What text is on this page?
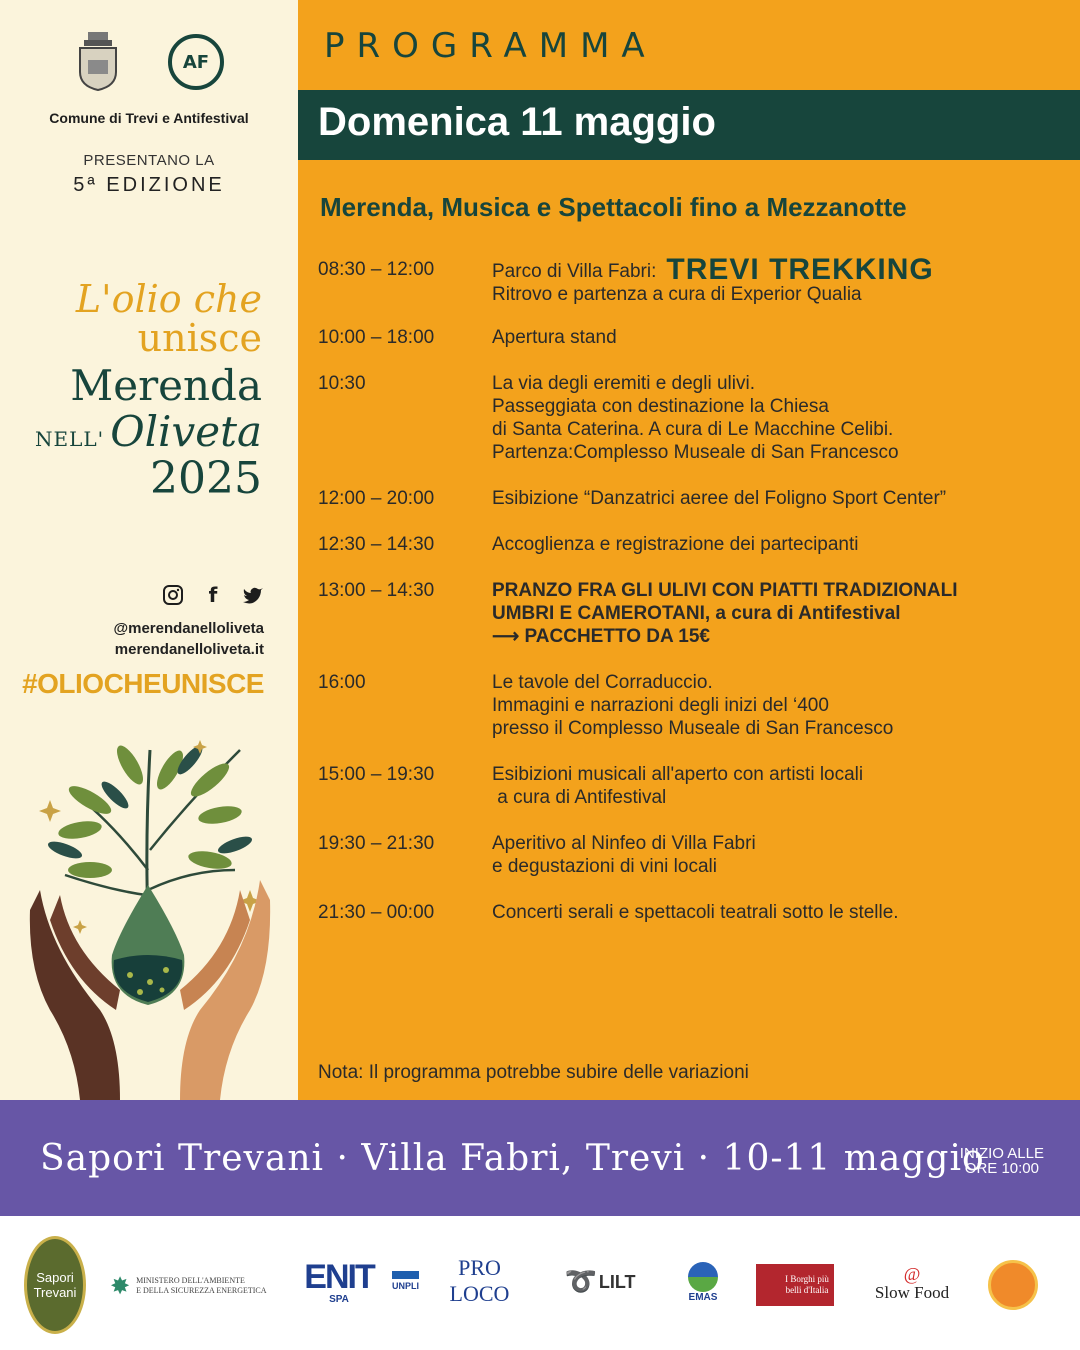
AF
Comune di Trevi e Antifestival
PRESENTANO LA
5ª EDIZIONE
L'olio che
unisce
Merenda
NELL' Oliveta
2025
f
@merendanelloliveta
merendanelloliveta.it
#OLIOCHEUNISCE
PROGRAMMA
Domenica 11 maggio
Merenda, Musica e Spettacoli fino a Mezzanotte
08:30 – 12:00	Parco di Villa Fabri: TREVI TREKKING
Ritrovo e partenza a cura di Experior Qualia
10:00 – 18:00	Apertura stand
10:30	La via degli eremiti e degli ulivi.
Passeggiata con destinazione la Chiesa
di Santa Caterina. A cura di Le Macchine Celibi.
Partenza:Complesso Museale di San Francesco
12:00 – 20:00	Esibizione “Danzatrici aeree del Foligno Sport Center”
12:30 – 14:30	Accoglienza e registrazione dei partecipanti
13:00 – 14:30	PRANZO FRA GLI ULIVI CON PIATTI TRADIZIONALI
UMBRI E CAMEROTANI, a cura di Antifestival
⟶ PACCHETTO DA 15€
16:00	Le tavole del Corraduccio.
Immagini e narrazioni degli inizi del ‘400
presso il Complesso Museale di San Francesco
15:00 – 19:30	Esibizioni musicali all'aperto con artisti locali
a cura di Antifestival
19:30 – 21:30	Aperitivo al Ninfeo di Villa Fabri
e degustazioni di vini locali
21:30 – 00:00	Concerti serali e spettacoli teatrali sotto le stelle.
Nota: Il programma potrebbe subire delle variazioni
Sapori Trevani · Villa Fabri, Trevi · 10-11 maggio
INIZIO ALLE
ORE 10:00
Sapori Trevani	✸ MINISTERO DELL'AMBIENTE
E DELLA SICUREZZA ENERGETICA ENIT
SPA
UNPLI
PRO LOCO	➰ LILT
EMAS
I Borghi più belli d'Italia
@
Slow Food
